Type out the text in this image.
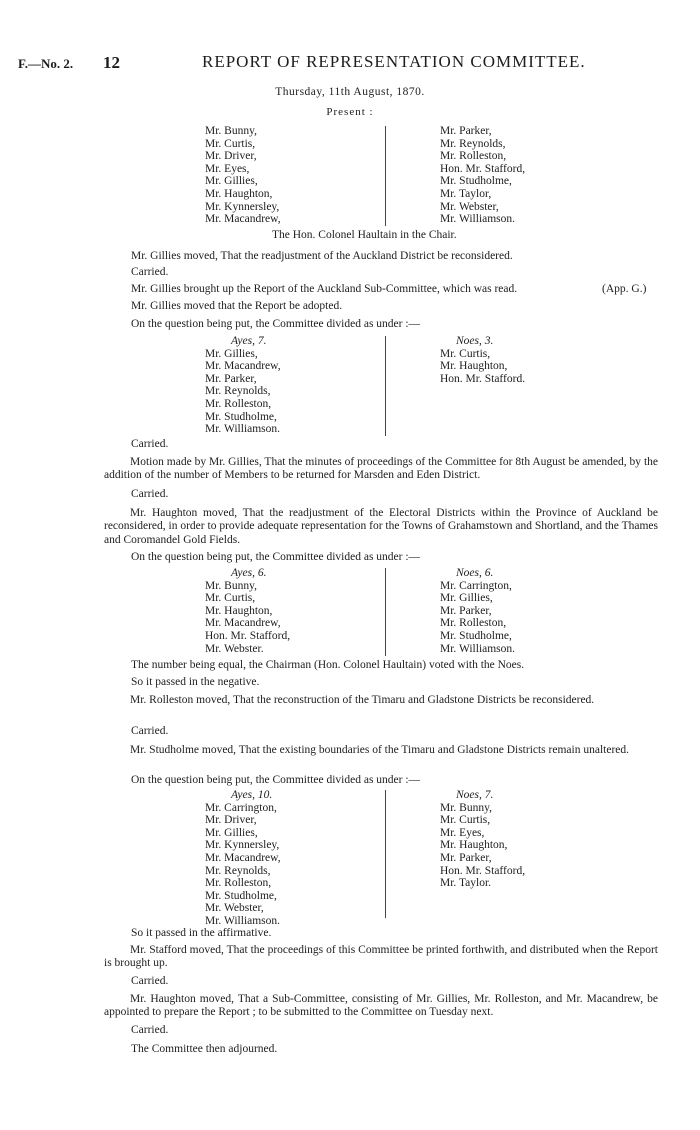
F.—No. 2. 12	REPORT OF REPRESENTATION COMMITTEE.
Thursday, 11th August, 1870.
Present :
Mr. Bunny,
Mr. Curtis,
Mr. Driver,
Mr. Eyes,
Mr. Gillies,
Mr. Haughton,
Mr. Kynnersley,
Mr. Macandrew,
Mr. Parker,
Mr. Reynolds,
Mr. Rolleston,
Hon. Mr. Stafford,
Mr. Studholme,
Mr. Taylor,
Mr. Webster,
Mr. Williamson.
The Hon. Colonel Haultain in the Chair.
Mr. Gillies moved, That the readjustment of the Auckland District be reconsidered.
Carried.
Mr. Gillies brought up the Report of the Auckland Sub-Committee, which was read.	(App. G.)
Mr. Gillies moved that the Report be adopted.
On the question being put, the Committee divided as under :—
Ayes, 7.
Mr. Gillies,
Mr. Macandrew,
Mr. Parker,
Mr. Reynolds,
Mr. Rolleston,
Mr. Studholme,
Mr. Williamson.
Noes, 3.
Mr. Curtis,
Mr. Haughton,
Hon. Mr. Stafford.
Carried.
Motion made by Mr. Gillies, That the minutes of proceedings of the Committee for 8th August be amended, by the addition of the number of Members to be returned for Marsden and Eden District.
Carried.
Mr. Haughton moved, That the readjustment of the Electoral Districts within the Province of Auckland be reconsidered, in order to provide adequate representation for the Towns of Grahamstown and Shortland, and the Thames and Coromandel Gold Fields.
On the question being put, the Committee divided as under :—
Ayes, 6.
Mr. Bunny,
Mr. Curtis,
Mr. Haughton,
Mr. Macandrew,
Hon. Mr. Stafford,
Mr. Webster.
Noes, 6.
Mr. Carrington,
Mr. Gillies,
Mr. Parker,
Mr. Rolleston,
Mr. Studholme,
Mr. Williamson.
The number being equal, the Chairman (Hon. Colonel Haultain) voted with the Noes.
So it passed in the negative.
Mr. Rolleston moved, That the reconstruction of the Timaru and Gladstone Districts be reconsidered.
Carried.
Mr. Studholme moved, That the existing boundaries of the Timaru and Gladstone Districts remain unaltered.
On the question being put, the Committee divided as under :—
Ayes, 10.
Mr. Carrington,
Mr. Driver,
Mr. Gillies,
Mr. Kynnersley,
Mr. Macandrew,
Mr. Reynolds,
Mr. Rolleston,
Mr. Studholme,
Mr. Webster,
Mr. Williamson.
Noes, 7.
Mr. Bunny,
Mr. Curtis,
Mr. Eyes,
Mr. Haughton,
Mr. Parker,
Hon. Mr. Stafford,
Mr. Taylor.
So it passed in the affirmative.
Mr. Stafford moved, That the proceedings of this Committee be printed forthwith, and distributed when the Report is brought up.
Carried.
Mr. Haughton moved, That a Sub-Committee, consisting of Mr. Gillies, Mr. Rolleston, and Mr. Macandrew, be appointed to prepare the Report ; to be submitted to the Committee on Tuesday next.
Carried.
The Committee then adjourned.
